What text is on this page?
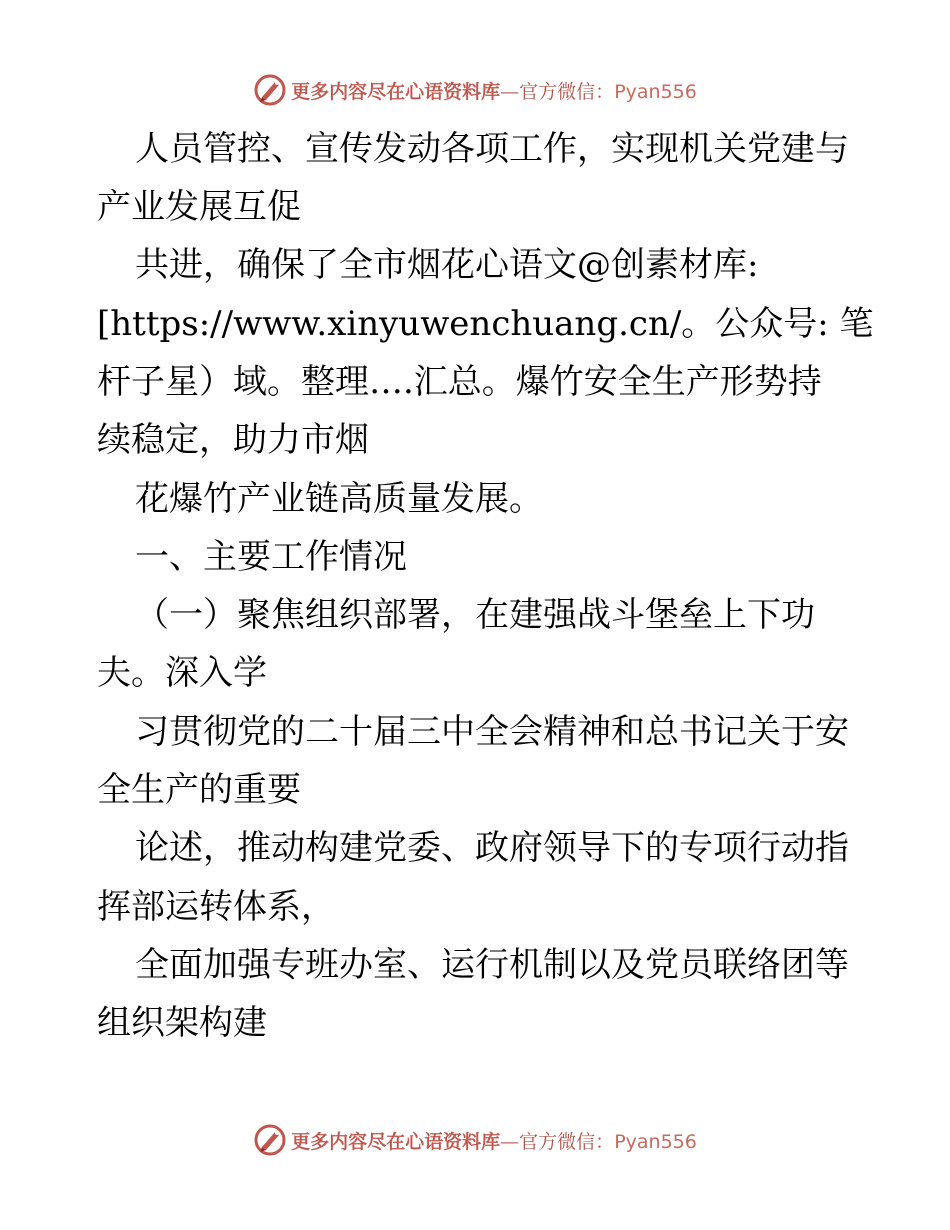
更多内容尽在心语资料库—官方微信：Pyan556
人员管控、宣传发动各项工作，实现机关党建与
产业发展互促
共进，确保了全市烟花心语文@创素材库:
[https://www.xinyuwenchuang.cn/。公众号: 笔
杆子星）域。整理….汇总。爆竹安全生产形势持
续稳定，助力市烟
花爆竹产业链高质量发展。
一、主要工作情况
（一）聚焦组织部署，在建强战斗堡垒上下功
夫。深入学
习贯彻党的二十届三中全会精神和总书记关于安
全生产的重要
论述，推动构建党委、政府领导下的专项行动指
挥部运转体系，
全面加强专班办室、运行机制以及党员联络团等
组织架构建
更多内容尽在心语资料库—官方微信：Pyan556
